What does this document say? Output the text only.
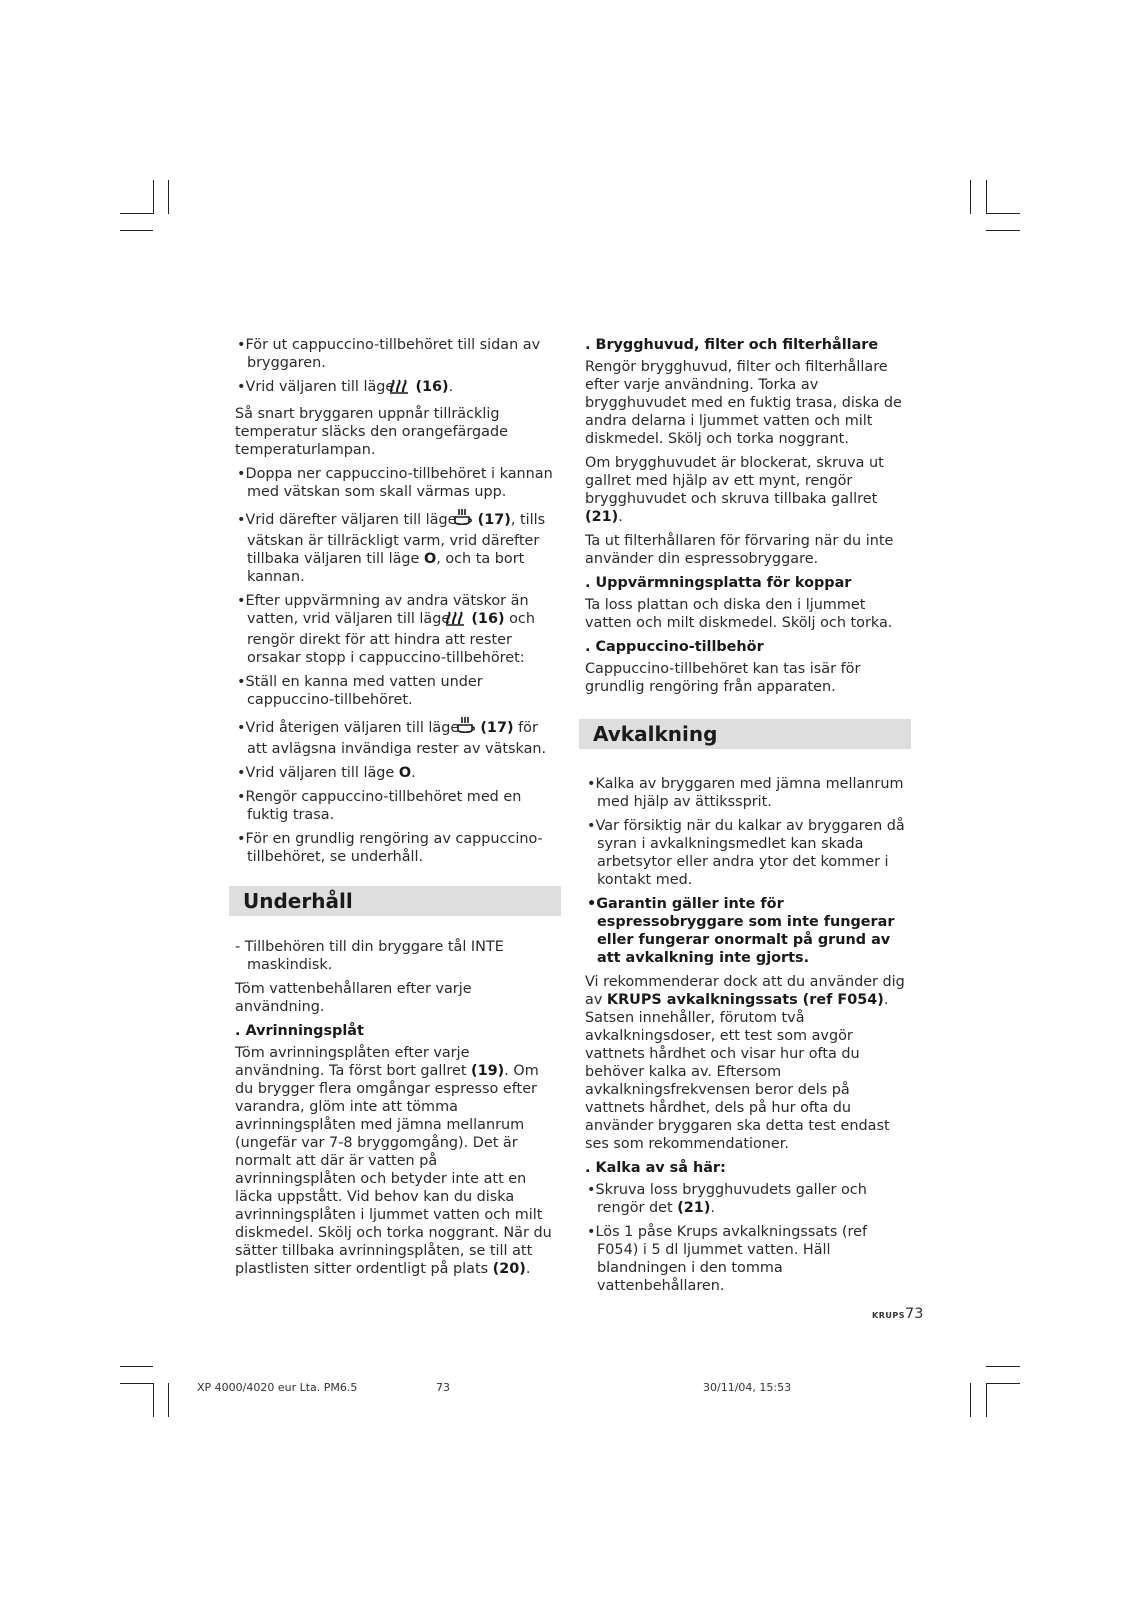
•För ut cappuccino-tillbehöret till sidan av bryggaren.

•Vrid väljaren till läge  (16).

Så snart bryggaren uppnår tillräcklig temperatur släcks den orangefärgade temperaturlampan.

•Doppa ner cappuccino-tillbehöret i kannan med vätskan som skall värmas upp.

•Vrid därefter väljaren till läge  (17), tills vätskan är tillräckligt varm, vrid därefter tillbaka väljaren till läge O, och ta bort kannan.

•Efter uppvärmning av andra vätskor än vatten, vrid väljaren till läge  (16) och rengör direkt för att hindra att rester orsakar stopp i cappuccino-tillbehöret:

•Ställ en kanna med vatten under cappuccino-tillbehöret.

•Vrid återigen väljaren till läge  (17) för att avlägsna invändiga rester av vätskan.

•Vrid väljaren till läge O.

•Rengör cappuccino-tillbehöret med en fuktig trasa.

•För en grundlig rengöring av cappuccino-tillbehöret, se underhåll.

Underhåll

- Tillbehören till din bryggare tål INTE maskindisk.

Töm vattenbehållaren efter varje användning.

. Avrinningsplåt

Töm avrinningsplåten efter varje användning. Ta först bort gallret (19). Om du brygger flera omgångar espresso efter varandra, glöm inte att tömma avrinningsplåten med jämna mellanrum (ungefär var 7-8 bryggomgång). Det är normalt att där är vatten på avrinningsplåten och betyder inte att en läcka uppstått. Vid behov kan du diska avrinningsplåten i ljummet vatten och milt diskmedel. Skölj och torka noggrant. När du sätter tillbaka avrinningsplåten, se till att plastlisten sitter ordentligt på plats (20).

. Brygghuvud, filter och filterhållare

Rengör brygghuvud, filter och filterhållare efter varje användning. Torka av brygghuvudet med en fuktig trasa, diska de andra delarna i ljummet vatten och milt diskmedel. Skölj och torka noggrant.

Om brygghuvudet är blockerat, skruva ut gallret med hjälp av ett mynt, rengör brygghuvudet och skruva tillbaka gallret (21).

Ta ut filterhållaren för förvaring när du inte använder din espressobryggare.

. Uppvärmningsplatta för koppar

Ta loss plattan och diska den i ljummet vatten och milt diskmedel. Skölj och torka.

. Cappuccino-tillbehör

Cappuccino-tillbehöret kan tas isär för grundlig rengöring från apparaten.

Avkalkning

•Kalka av bryggaren med jämna mellanrum med hjälp av ättikssprit.

•Var försiktig när du kalkar av bryggaren då syran i avkalkningsmedlet kan skada arbetsytor eller andra ytor det kommer i kontakt med.

•Garantin gäller inte för espressobryggare som inte fungerar eller fungerar onormalt på grund av att avkalkning inte gjorts.

Vi rekommenderar dock att du använder dig av KRUPS avkalkningssats (ref F054). Satsen innehåller, förutom två avkalkningsdoser, ett test som avgör vattnets hårdhet och visar hur ofta du behöver kalka av. Eftersom avkalkningsfrekvensen beror dels på vattnets hårdhet, dels på hur ofta du använder bryggaren ska detta test endast ses som rekommendationer.

. Kalka av så här:

•Skruva loss brygghuvudets galler och rengör det (21).

•Lös 1 påse Krups avkalkningssats (ref F054) i 5 dl ljummet vatten. Häll blandningen i den tomma vattenbehållaren.

KRUPS73
XP 4000/4020 eur Lta. PM6.5	73	30/11/04, 15:53
